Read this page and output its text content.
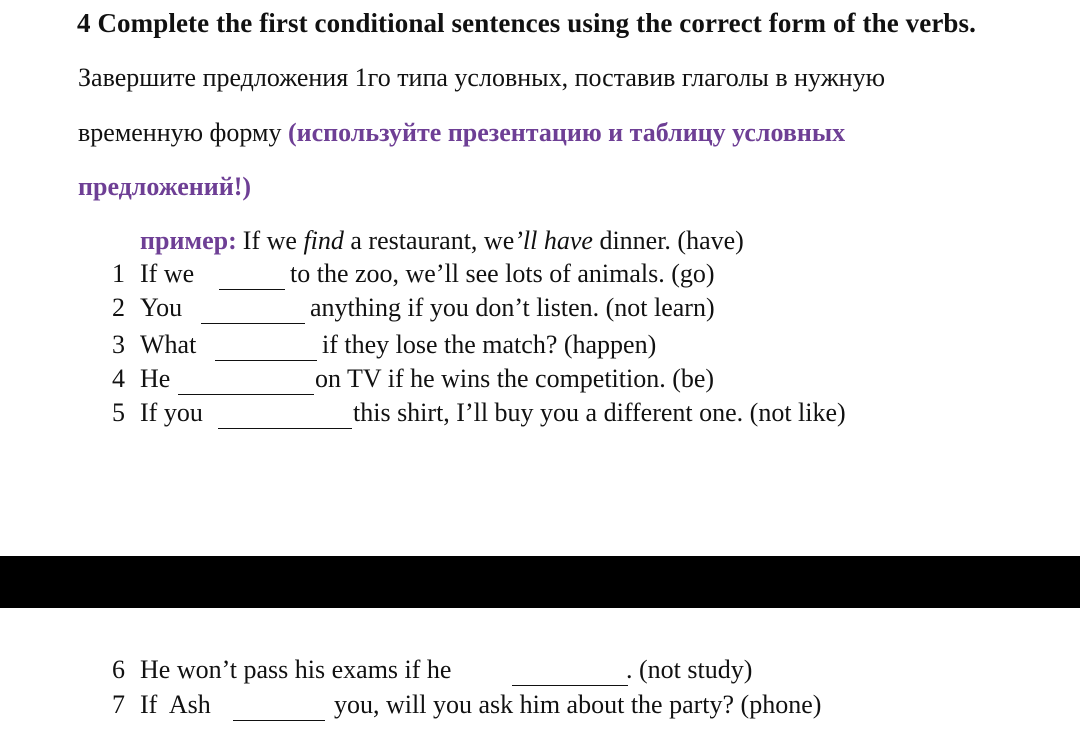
4 Complete the first conditional sentences using the correct form of the verbs.
Завершите предложения 1го типа условных, поставив глаголы в нужную
временную форму (используйте презентацию и таблицу условных
предложений!)
пример: If we find a restaurant, we’ll have dinner. (have)
1 If we	to the zoo, we’ll see lots of animals. (go)
2 You	anything if you don’t listen. (not learn)
3 What	if they lose the match? (happen)
4 He	on TV if he wins the competition. (be)
5 If you	this shirt, I’ll buy you a different one. (not like)
6 He won’t pass his exams if he	. (not study)
7 If  Ash	you, will you ask him about the party? (phone)
